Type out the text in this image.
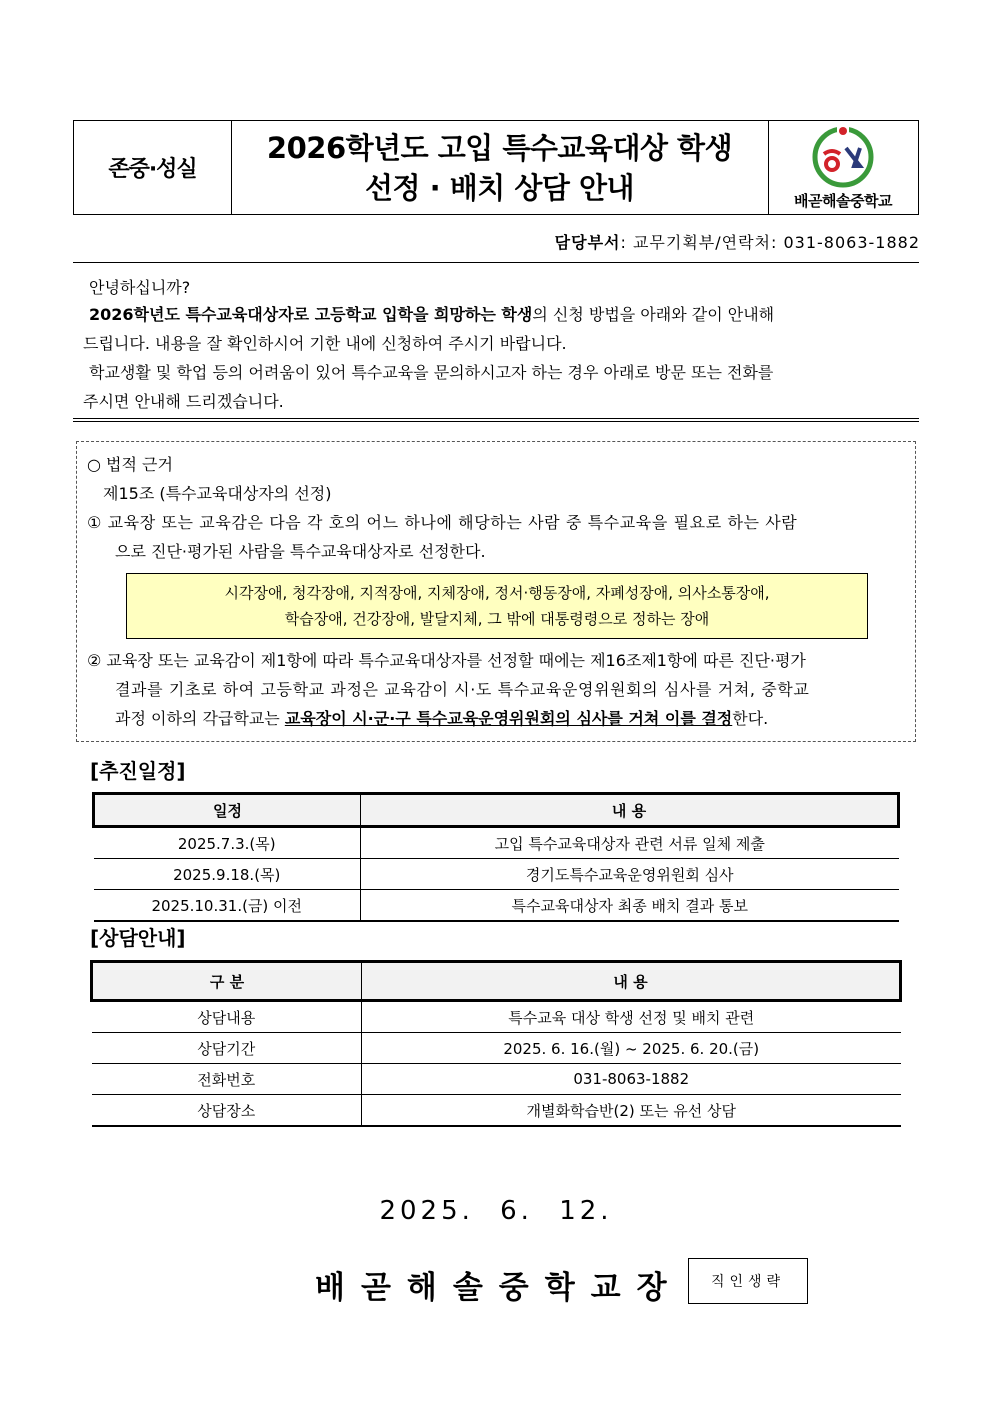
존중·성실
2026학년도 고입 특수교육대상 학생
선정 · 배치 상담 안내	배곧해솔중학교
담당부서: 교무기획부/연락처: 031-8063-1882

안녕하십니까?

2026학년도 특수교육대상자로 고등학교 입학을 희망하는 학생의 신청 방법을 아래와 같이 안내해

드립니다. 내용을 잘 확인하시어 기한 내에 신청하여 주시기 바랍니다.

학교생활 및 학업 등의 어려움이 있어 특수교육을 문의하시고자 하는 경우 아래로 방문 또는 전화를

주시면 안내해 드리겠습니다.

○ 법적 근거
제15조 (특수교육대상자의 선정)
① 교육장 또는 교육감은 다음 각 호의 어느 하나에 해당하는 사람 중 특수교육을 필요로 하는 사람
으로 진단·평가된 사람을 특수교육대상자로 선정한다.
시각장애, 청각장애, 지적장애, 지체장애, 정서·행동장애, 자폐성장애, 의사소통장애,
학습장애, 건강장애, 발달지체, 그 밖에 대통령령으로 정하는 장애
② 교육장 또는 교육감이 제1항에 따라 특수교육대상자를 선정할 때에는 제16조제1항에 따른 진단·평가
결과를 기초로 하여 고등학교 과정은 교육감이 시·도 특수교육운영위원회의 심사를 거쳐, 중학교
과정 이하의 각급학교는 교육장이 시·군·구 특수교육운영위원회의 심사를 거쳐 이를 결정한다.
[추진일정]
일정	내 용
2025.7.3.(목)	고입 특수교육대상자 관련 서류 일체 제출
2025.9.18.(목)	경기도특수교육운영위원회 심사
2025.10.31.(금) 이전	특수교육대상자 최종 배치 결과 통보
[상담안내]
구 분	내 용
상담내용	특수교육 대상 학생 선정 및 배치 관련
상담기간	2025. 6. 16.(월) ~ 2025. 6. 20.(금)
전화번호	031-8063-1882
상담장소	개별화학습반(2) 또는 유선 상담
2025. 6. 12.
배곧해솔중학교장	직인생략
